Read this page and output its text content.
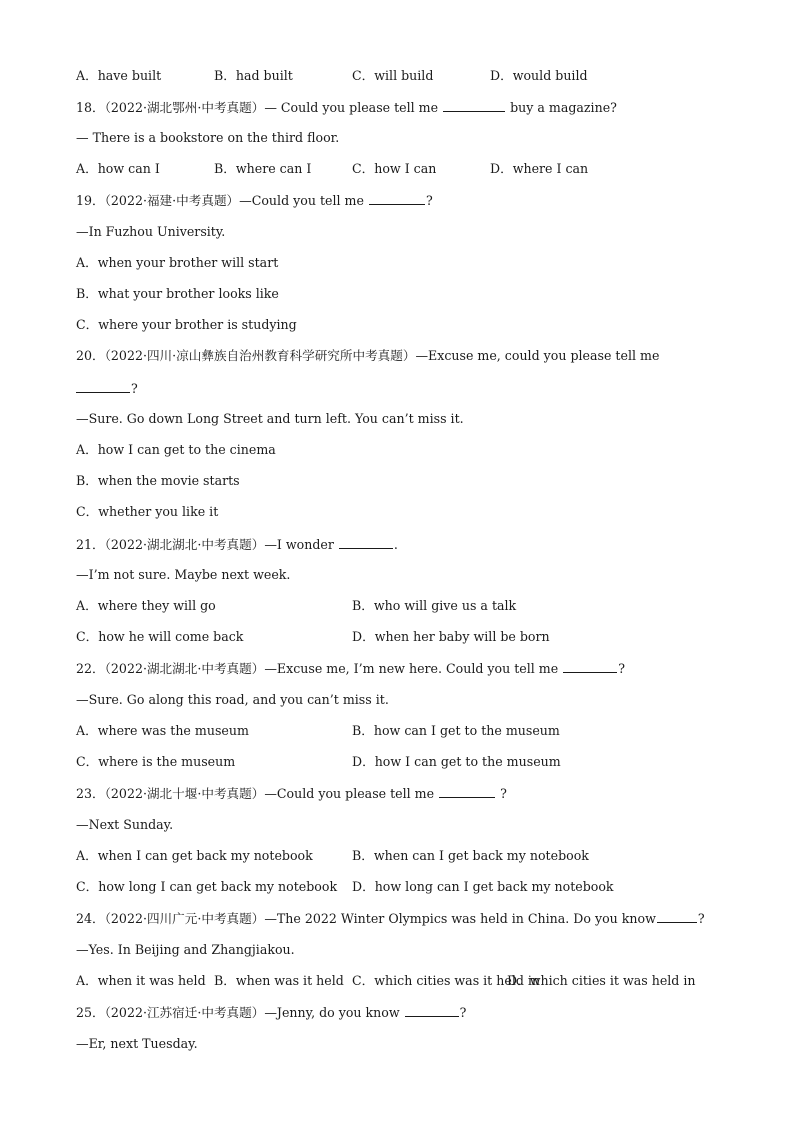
A．have built	B．had built	C．will build	D．would build
18．（2022·湖北鄂州·中考真题）— Could you please tell me	buy a magazine?
— There is a bookstore on the third floor.
A．how can I	B．where can I	C．how I can	D．where I can
19．（2022·福建·中考真题）—Could you tell me	?
—In Fuzhou University.
A．when your brother will start
B．what your brother looks like
C．where your brother is studying
20．（2022·四川·凉山彝族自治州教育科学研究所中考真题）—Excuse me, could you please tell me
?
—Sure. Go down Long Street and turn left. You can’t miss it.
A．how I can get to the cinema
B．when the movie starts
C．whether you like it
21．（2022·湖北湖北·中考真题）—I wonder	.
—I’m not sure. Maybe next week.
A．where they will go	B．who will give us a talk
C．how he will come back	D．when her baby will be born
22．（2022·湖北湖北·中考真题）—Excuse me, I’m new here. Could you tell me	?
—Sure. Go along this road, and you can’t miss it.
A．where was the museum	B．how can I get to the museum
C．where is the museum	D．how I can get to the museum
23．（2022·湖北十堰·中考真题）—Could you please tell me	?
—Next Sunday.
A．when I can get back my notebook	B．when can I get back my notebook
C．how long I can get back my notebook D．how long can I get back my notebook
24．（2022·四川广元·中考真题）—The 2022 Winter Olympics was held in China. Do you know	?
—Yes. In Beijing and Zhangjiakou.
A．when it was held B．when was it held C．which cities was it held in
D．which cities it was held in
25．（2022·江苏宿迁·中考真题）—Jenny, do you know	?
—Er, next Tuesday.
